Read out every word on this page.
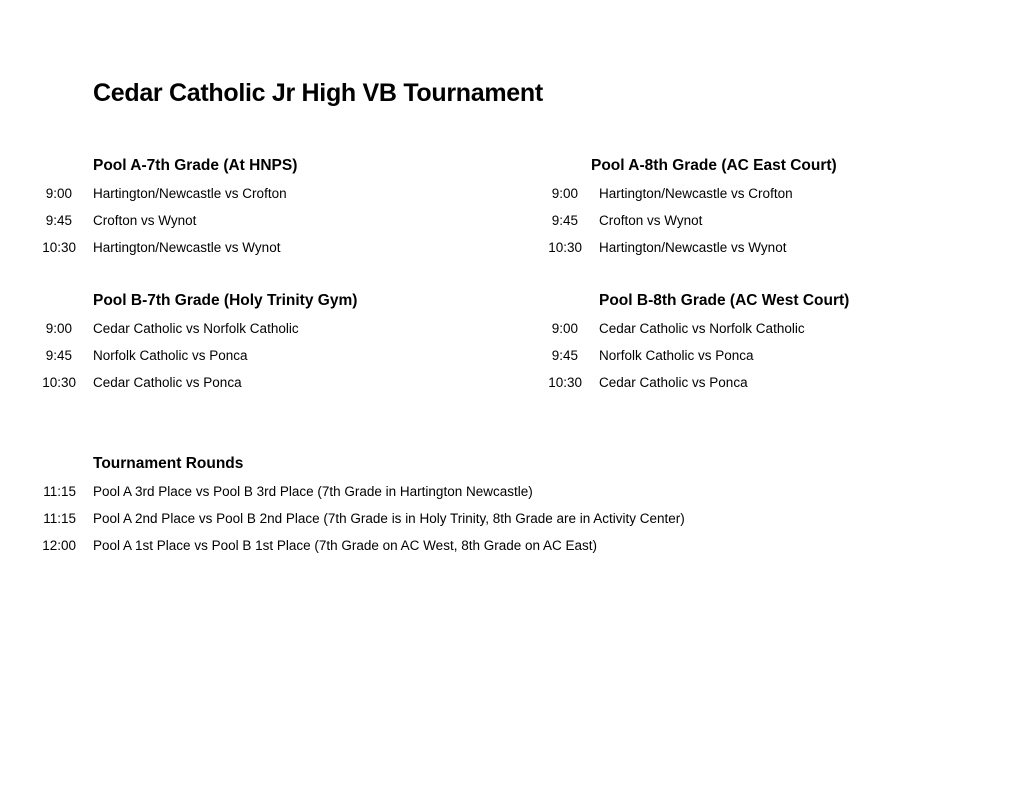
Cedar Catholic Jr High VB Tournament
Pool A-7th Grade (At HNPS)
9:00 Hartington/Newcastle vs Crofton
9:45 Crofton vs Wynot
10:30 Hartington/Newcastle vs Wynot
Pool A-8th Grade (AC East Court)
9:00 Hartington/Newcastle vs Crofton
9:45 Crofton vs Wynot
10:30 Hartington/Newcastle vs Wynot
Pool B-7th Grade (Holy Trinity Gym)
9:00 Cedar Catholic vs Norfolk Catholic
9:45 Norfolk Catholic vs Ponca
10:30 Cedar Catholic vs Ponca
Pool B-8th Grade (AC West Court)
9:00 Cedar Catholic vs Norfolk Catholic
9:45 Norfolk Catholic vs Ponca
10:30 Cedar Catholic vs Ponca
Tournament Rounds
11:15 Pool A 3rd Place vs Pool B 3rd Place (7th Grade in Hartington Newcastle)
11:15 Pool A 2nd Place vs Pool B 2nd Place (7th Grade is in Holy Trinity, 8th Grade are in Activity Center)
12:00 Pool A 1st Place vs Pool B 1st Place (7th Grade on AC West, 8th Grade on AC East)
